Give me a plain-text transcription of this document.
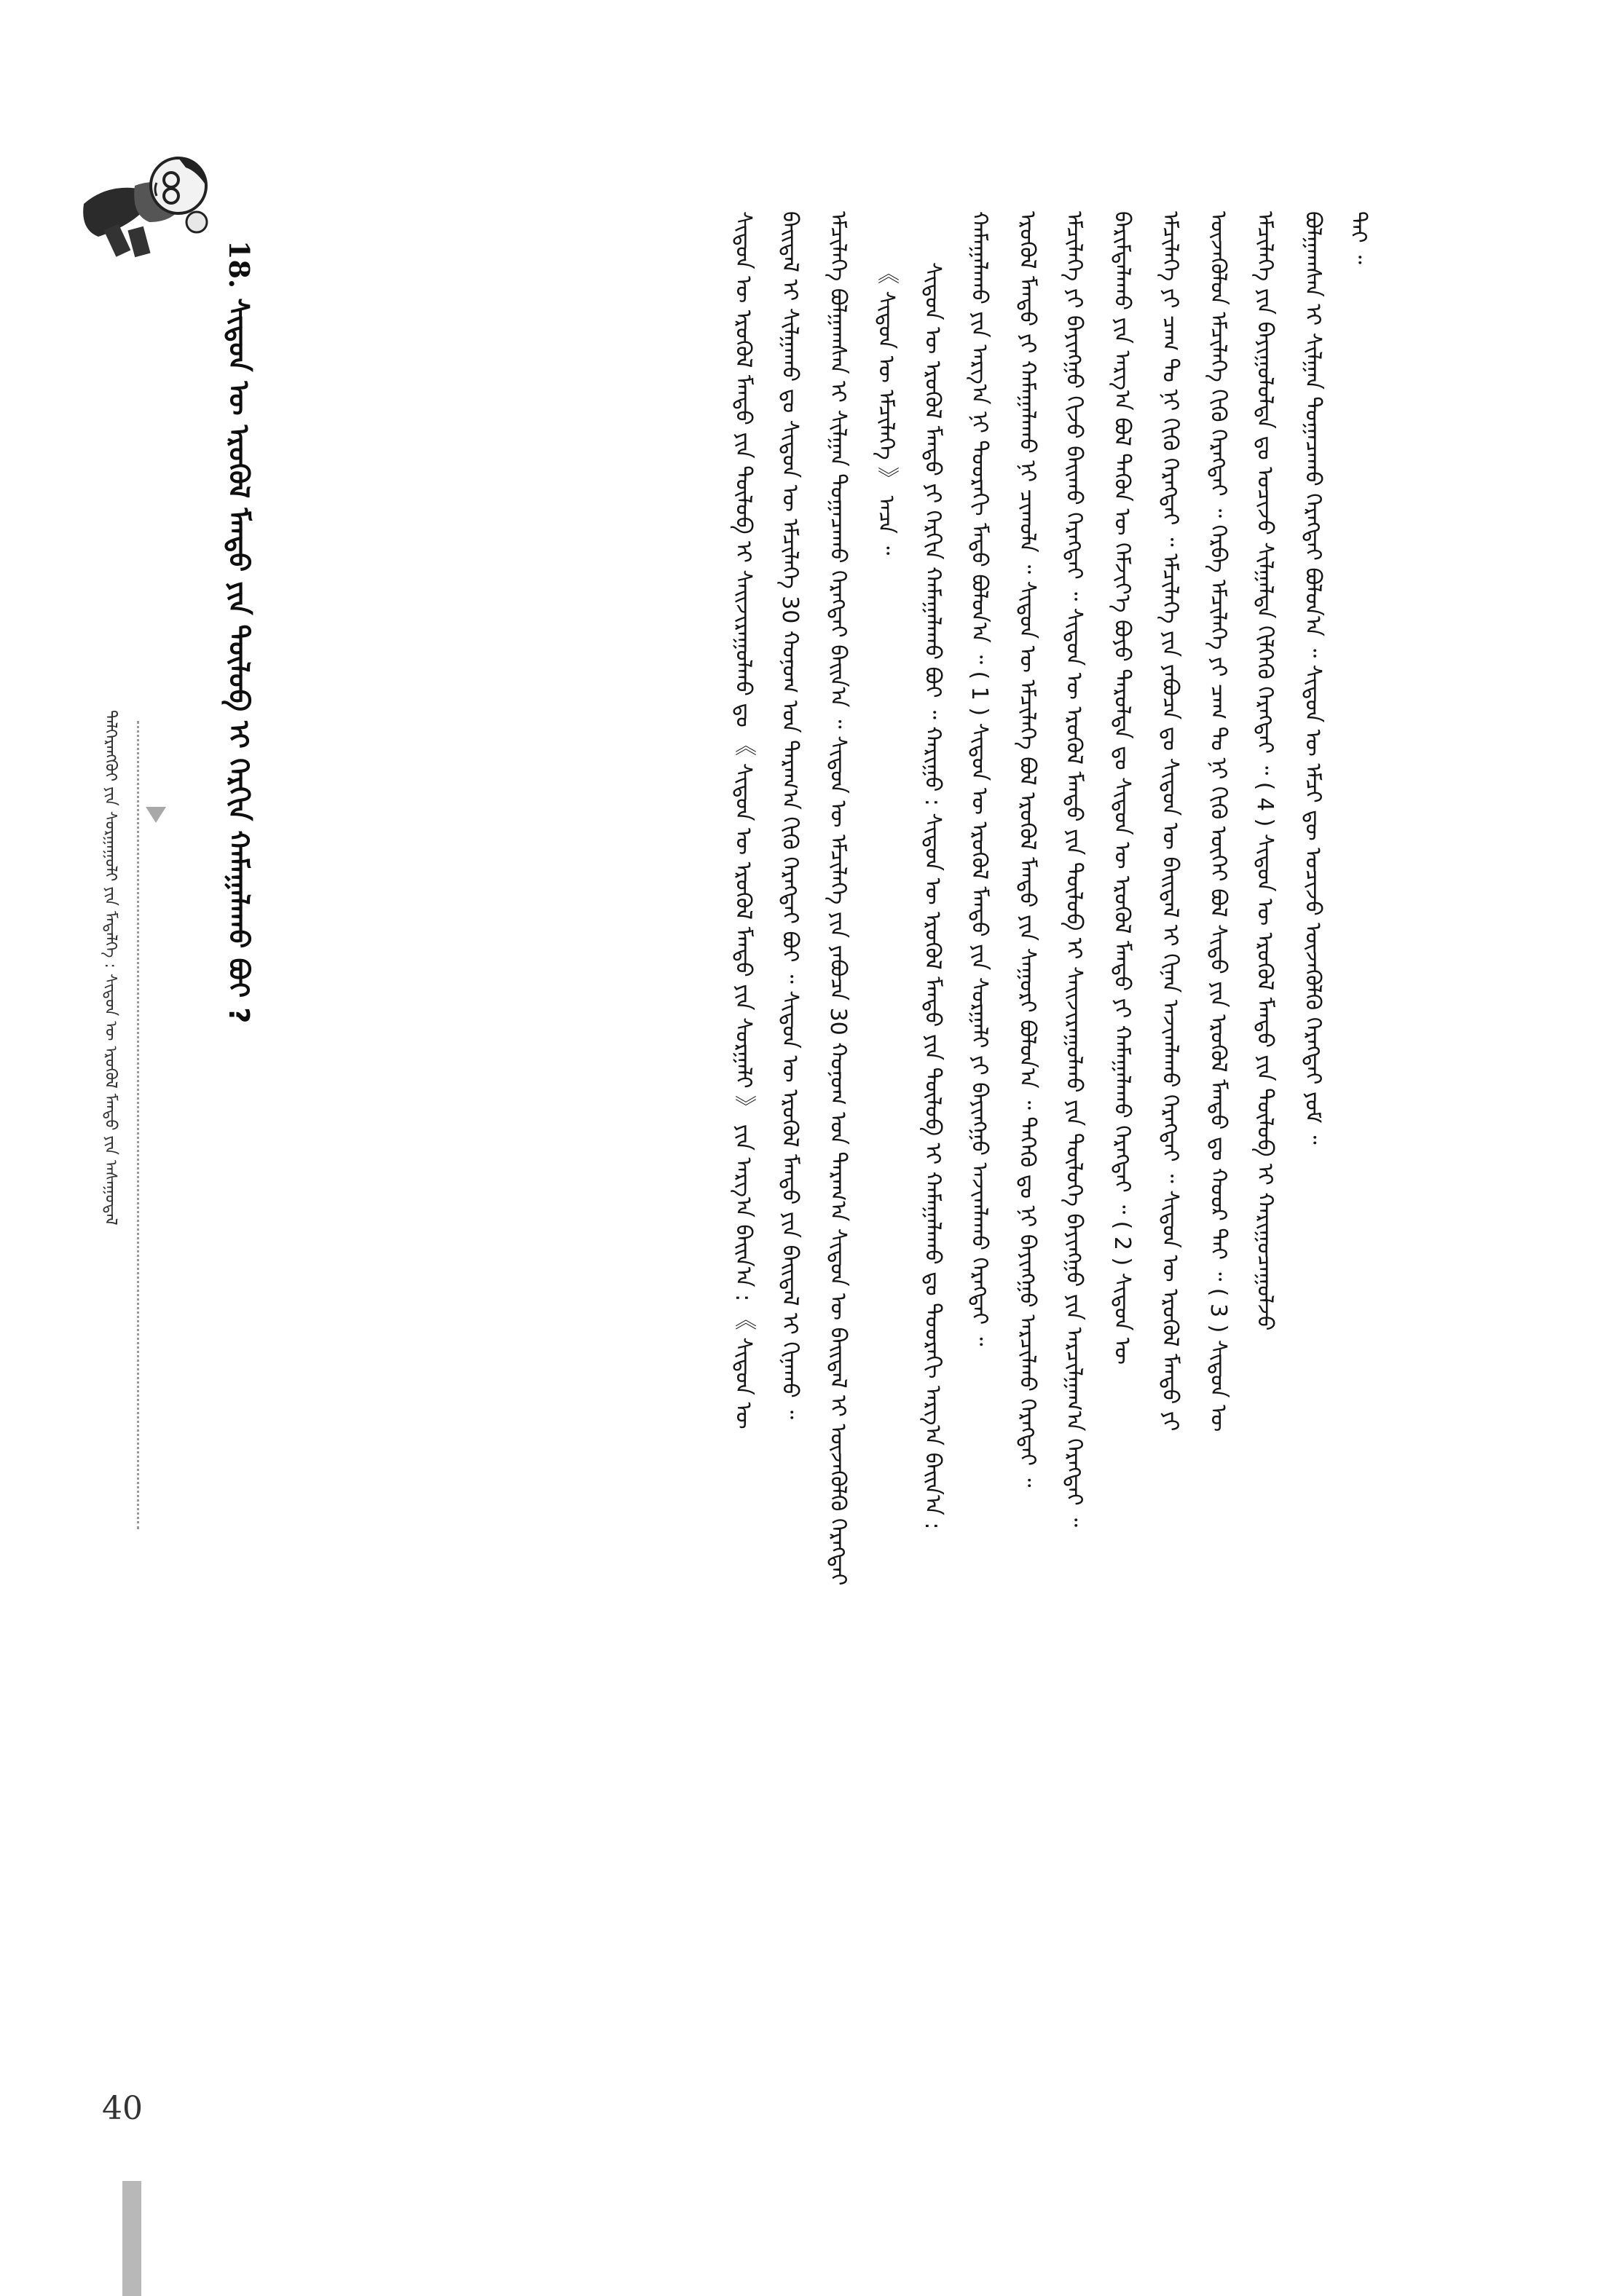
ᠳᠡᠯᠭᠡᠷᠡᠩᠭᠦᠢ ᠶᠢᠨ ᠰᠤᠷᠭᠠᠭᠤᠯᠢ ᠶᠢᠨ ᠮᠡᠳᠡᠯᠭᠡ : ᠰᠢᠳᠦᠨ ᠦ ᠡᠷᠦᠬᠦᠯ ᠮᠡᠨᠳᠦ ᠶᠢᠨ ᠠᠰᠠᠭᠤᠳᠠᠯ
40
18. ᠰᠢᠳᠦᠨ ᠦ ᠡᠷᠦᠬᠦᠯ ᠮᠡᠨᠳᠦ ᠶᠢᠨ ᠲᠥᠯᠦᠪ ᠢ ᠬᠡᠷᠬᠢᠨ ᠬᠠᠮᠠᠭᠠᠯᠠᠬᠤ ᠪᠤᠢ ?
ᠲᠡᠢ ᠃
ᠪᠣᠯᠭᠠᠭᠰᠠᠨ ᠢ ᠰᠢᠯᠭᠠᠨ ᠲᠣᠭᠠᠴᠠᠬᠤ ᠬᠡᠷᠡᠭᠲᠡᠢ ᠪᠣᠯᠣᠨ᠎ᠠ ᠃ ᠰᠢᠳᠦᠨ ᠦ ᠡᠮᠴᠢ ᠳᠦ ᠣᠴᠢᠵᠤ ᠦᠵᠡᠭᠦᠯᠬᠦ ᠬᠡᠷᠡᠭᠲᠡᠢ ᠶᠤᠮ ᠃
ᠡᠮᠴᠢᠯᠡᠭᠡ ᠶᠢᠨ ᠪᠠᠶᠢᠭᠤᠯᠤᠯᠲᠠ ᠳᠤ ᠣᠴᠢᠵᠤ ᠰᠢᠯᠭᠠᠯᠲᠠ ᠬᠢᠯᠭᠡᠬᠦ ᠬᠡᠷᠡᠭᠲᠡᠢ ᠃ ( 4 ) ᠰᠢᠳᠦᠨ ᠦ ᠡᠷᠦᠬᠦᠯ ᠮᠡᠨᠳᠦ ᠶᠢᠨ ᠲᠥᠯᠦᠪ ᠢ ᠬᠠᠷᠢᠭᠤᠴᠠᠭᠤᠯᠵᠤ
ᠦᠵᠡᠭᠦᠯᠦᠨ ᠡᠮᠴᠢᠯᠡᠭᠡ ᠬᠢᠬᠦ ᠬᠡᠷᠡᠭᠲᠡᠢ ᠃ ᠬᠡᠷᠪᠡ ᠡᠮᠴᠢᠯᠡᠭᠡ ᠶᠢ ᠴᠠᠭ ᠲᠤ ᠨᠢ ᠬᠢᠬᠦ ᠦᠭᠡᠢ ᠪᠣᠯ ᠰᠢᠳᠦ ᠶᠢᠨ ᠡᠷᠦᠬᠦᠯ ᠮᠡᠨᠳᠦ ᠳᠤ ᠬᠣᠣᠷ ᠲᠠᠢ ᠃ ( 3 ) ᠰᠢᠳᠦᠨ ᠦ
ᠡᠮᠴᠢᠯᠡᠭᠡ ᠶᠢ ᠴᠠᠭ ᠲᠤ ᠨᠢ ᠬᠢᠬᠦ ᠬᠡᠷᠡᠭᠲᠡᠢ ᠃ ᠡᠮᠴᠢᠯᠡᠭᠡ ᠶᠢᠨ ᠶᠠᠪᠤᠴᠠ ᠳᠤ ᠰᠢᠳᠦᠨ ᠦ ᠪᠠᠢᠳᠠᠯ ᠢ ᠬᠢᠨᠠᠨ ᠠᠵᠢᠭᠯᠠᠬᠤ ᠬᠡᠷᠡᠭᠲᠡᠢ ᠃ ᠰᠢᠳᠦᠨ ᠦ ᠡᠷᠦᠬᠦᠯ ᠮᠡᠨᠳᠦ ᠶᠢ
ᠪᠠᠷᠢᠮᠳᠠᠯᠠᠬᠤ ᠶᠢᠨ ᠠᠷᠭ᠎ᠠ ᠪᠣᠯ ᠲᠡᠭᠦᠨ ᠦ ᠬᠡᠮᠵᠢᠶ᠎ᠡ ᠪᠤᠶᠤ ᠳᠠᠷᠤᠯᠲᠠ ᠳᠤ ᠰᠢᠳᠦᠨ ᠦ ᠡᠷᠦᠬᠦᠯ ᠮᠡᠨᠳᠦ ᠶᠢ ᠬᠠᠮᠠᠭᠠᠯᠠᠬᠤ ᠬᠡᠷᠡᠭᠲᠡᠢ ᠃ ( 2 ) ᠰᠢᠳᠦᠨ ᠦ
ᠡᠮᠴᠢᠯᠡᠭᠡ ᠶᠢ ᠪᠠᠶᠢᠩᠭᠤ ᠬᠢᠵᠤ ᠪᠠᠢᠬᠤ ᠬᠡᠷᠡᠭᠲᠡᠢ ᠃ ᠰᠢᠳᠦᠨ ᠦ ᠡᠷᠦᠬᠦᠯ ᠮᠡᠨᠳᠦ ᠶᠢᠨ ᠲᠥᠯᠦᠪ ᠢ ᠰᠠᠢᠵᠢᠷᠠᠭᠤᠯᠬᠤ ᠶᠢᠨ ᠲᠥᠯᠦᠭᠡ ᠪᠠᠶᠢᠩᠭᠤ ᠶᠢᠨ ᠠᠷᠴᠢᠯᠭᠠᠭ᠎ᠠ ᠬᠡᠷᠡᠭᠲᠡᠢ ᠃
ᠡᠷᠦᠬᠦᠯ ᠮᠡᠨᠳᠦ ᠶᠢ ᠬᠠᠮᠠᠭᠠᠯᠠᠬᠤ ᠨᠢ ᠴᠢᠬᠤᠯᠠ ᠃ ᠰᠢᠳᠦᠨ ᠦ ᠡᠮᠴᠢᠯᠡᠭᠡ ᠪᠣᠯ ᠡᠷᠦᠬᠦᠯ ᠮᠡᠨᠳᠦ ᠶᠢᠨ ᠰᠠᠭᠤᠷᠢ ᠪᠣᠯᠣᠨ᠎ᠠ ᠃ ᠲᠡᠭᠡᠬᠦ ᠳᠤ ᠨᠢ ᠪᠠᠶᠢᠩᠭᠤ ᠠᠷᠴᠢᠯᠬᠤ ᠬᠡᠷᠡᠭᠲᠡᠢ ᠃
ᠬᠠᠮᠠᠭᠠᠯᠠᠬᠤ ᠶᠢᠨ ᠠᠷᠭ᠎ᠠ ᠨᠢ ᠳᠣᠣᠷᠠᠬᠢ ᠮᠡᠲᠦ ᠪᠣᠯᠣᠨ᠎ᠠ ᠃ ( 1 ) ᠰᠢᠳᠦᠨ ᠦ ᠡᠷᠦᠬᠦᠯ ᠮᠡᠨᠳᠦ ᠶᠢᠨ ᠰᠤᠷᠭᠠᠯᠢ ᠶᠢ ᠪᠠᠶᠢᠩᠭᠤ ᠠᠵᠢᠭᠯᠠᠬᠤ ᠬᠡᠷᠡᠭᠲᠡᠢ ᠃
ᠰᠢᠳᠦᠨ ᠦ ᠡᠷᠦᠬᠦᠯ ᠮᠡᠨᠳᠦ ᠶᠢ ᠬᠡᠷᠬᠢᠨ ᠬᠠᠮᠠᠭᠠᠯᠠᠬᠤ ᠪᠤᠢ ᠃ ᠬᠠᠷᠢᠭᠤ : ᠰᠢᠳᠦᠨ ᠦ ᠡᠷᠦᠬᠦᠯ ᠮᠡᠨᠳᠦ ᠶᠢᠨ ᠲᠥᠯᠦᠪ ᠢ ᠬᠠᠮᠠᠭᠠᠯᠠᠬᠤ ᠳᠤ ᠳᠣᠣᠷᠠᠬᠢ ᠠᠷᠭ᠎ᠠ ᠪᠠᠢᠨ᠎ᠠ :
《 ᠰᠢᠳᠦᠨ ᠦ ᠡᠮᠴᠢᠯᠡᠭᠡ 》 ᠠᠴᠠ ᠃
ᠡᠮᠴᠢᠯᠡᠭᠡ ᠪᠣᠯᠭᠠᠭᠰᠠᠨ ᠢ ᠰᠢᠯᠭᠠᠨ ᠲᠣᠭᠠᠴᠠᠬᠤ ᠬᠡᠷᠡᠭᠲᠡᠢ ᠪᠠᠢᠨ᠎ᠠ ᠃ ᠰᠢᠳᠦᠨ ᠦ ᠡᠮᠴᠢᠯᠡᠭᠡ ᠶᠢᠨ ᠶᠠᠪᠤᠴᠠ 30 ᠬᠣᠨᠣᠭ ᠤᠨ ᠳᠠᠷᠠᠭ᠎ᠠ ᠰᠢᠳᠦᠨ ᠦ ᠪᠠᠢᠳᠠᠯ ᠢ ᠦᠵᠡᠭᠦᠯᠬᠦ ᠬᠡᠷᠡᠭᠲᠡᠢ
ᠪᠠᠢᠳᠠᠯ ᠢ ᠰᠢᠯᠭᠠᠬᠤ ᠳᠤ ᠰᠢᠳᠦᠨ ᠦ ᠡᠮᠴᠢᠯᠡᠭᠡ 30 ᠬᠣᠨᠣᠭ ᠤᠨ ᠳᠠᠷᠠᠭ᠎ᠠ ᠬᠢᠬᠦ ᠬᠡᠷᠡᠭᠲᠡᠢ ᠪᠤᠢ ᠃ ᠰᠢᠳᠦᠨ ᠦ ᠡᠷᠦᠬᠦᠯ ᠮᠡᠨᠳᠦ ᠶᠢᠨ ᠪᠠᠢᠳᠠᠯ ᠢ ᠬᠢᠨᠠᠬᠤ ᠃
ᠰᠢᠳᠦᠨ ᠦ ᠡᠷᠦᠬᠦᠯ ᠮᠡᠨᠳᠦ ᠶᠢᠨ ᠲᠥᠯᠦᠪ ᠢ ᠰᠠᠢᠵᠢᠷᠠᠭᠤᠯᠬᠤ ᠳᠤ 《 ᠰᠢᠳᠦᠨ ᠦ ᠡᠷᠦᠬᠦᠯ ᠮᠡᠨᠳᠦ ᠶᠢᠨ ᠰᠤᠷᠭᠠᠯᠢ 》 ᠶᠢᠨ ᠠᠷᠭ᠎ᠠ ᠪᠠᠢᠨ᠎ᠠ : 《 ᠰᠢᠳᠦᠨ ᠦ
